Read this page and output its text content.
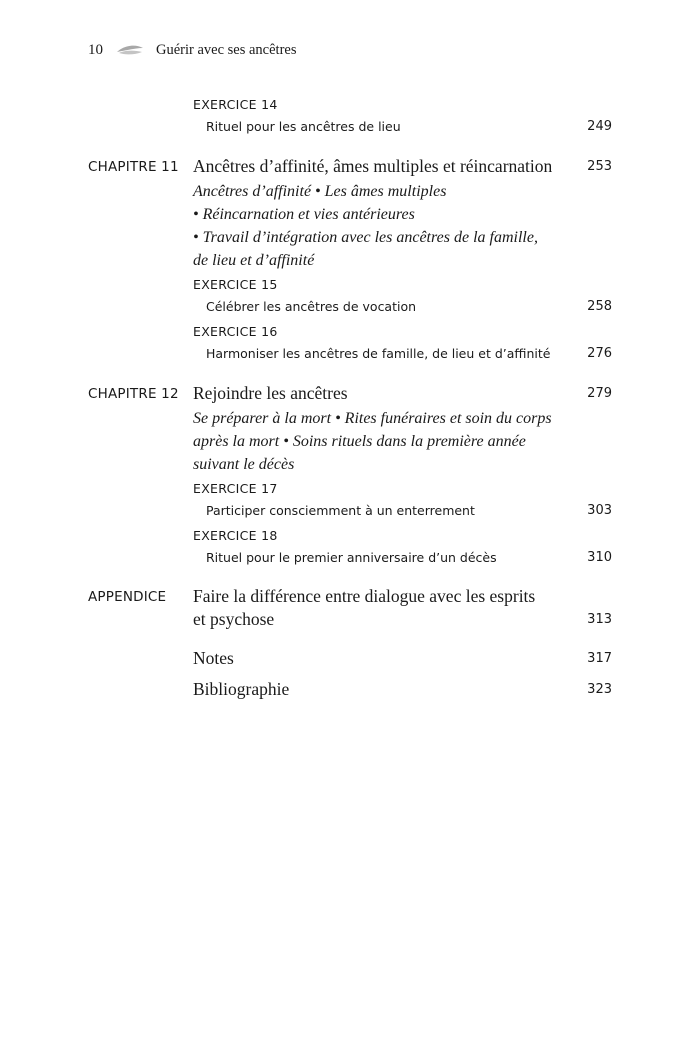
10	Guérir avec ses ancêtres
EXERCICE 14
Rituel pour les ancêtres de lieu	249
CHAPITRE 11 Ancêtres d’affinité, âmes multiples et réincarnation	253
Ancêtres d’affinité • Les âmes multiples
• Réincarnation et vies antérieures
• Travail d’intégration avec les ancêtres de la famille,
de lieu et d’affinité
EXERCICE 15
Célébrer les ancêtres de vocation	258
EXERCICE 16
Harmoniser les ancêtres de famille, de lieu et d’affinité	276
CHAPITRE 12 Rejoindre les ancêtres	279
Se préparer à la mort • Rites funéraires et soin du corps
après la mort • Soins rituels dans la première année
suivant le décès
EXERCICE 17
Participer consciemment à un enterrement	303
EXERCICE 18
Rituel pour le premier anniversaire d’un décès	310
APPENDICE Faire la différence entre dialogue avec les esprits
et psychose	313
Notes	317
Bibliographie	323
